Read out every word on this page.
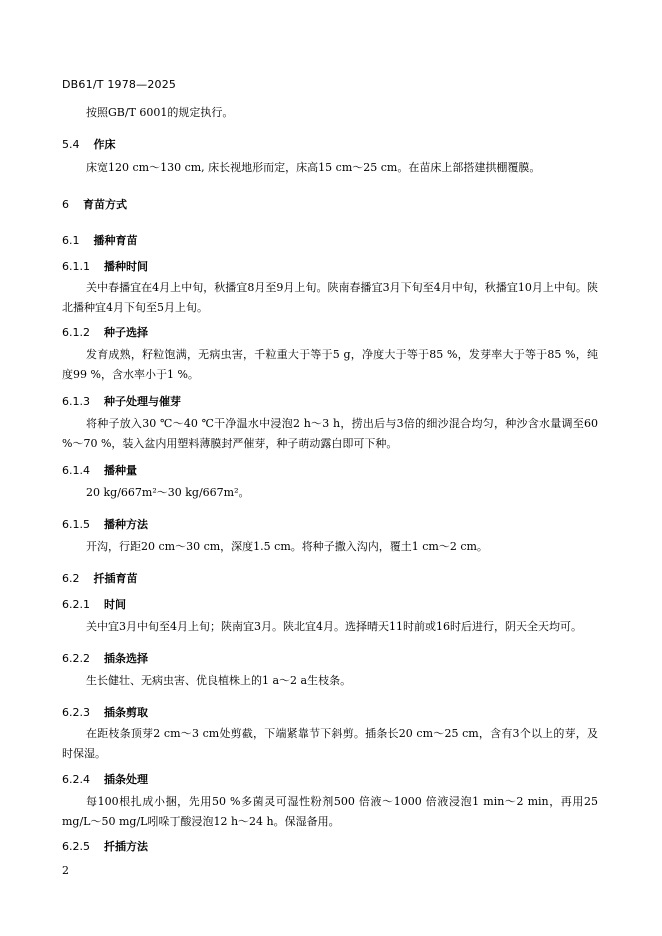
DB61/T 1978—2025
按照GB/T 6001的规定执行。
5.4 作床
床宽120 cm～130 cm, 床长视地形而定，床高15 cm～25 cm。在苗床上部搭建拱棚覆膜。
6 育苗方式
6.1 播种育苗
6.1.1 播种时间
关中春播宜在4月上中旬，秋播宜8月至9月上旬。陕南春播宜3月下旬至4月中旬，秋播宜10月上中旬。陕北播种宜4月下旬至5月上旬。
6.1.2 种子选择
发育成熟，籽粒饱满，无病虫害，千粒重大于等于5 g，净度大于等于85 %，发芽率大于等于85 %，纯度99 %，含水率小于1 %。
6.1.3 种子处理与催芽
将种子放入30 ℃～40 ℃干净温水中浸泡2 h～3 h，捞出后与3倍的细沙混合均匀，种沙含水量调至60 %～70 %，装入盆内用塑料薄膜封严催芽，种子萌动露白即可下种。
6.1.4 播种量
20 kg/667m²～30 kg/667m²。
6.1.5 播种方法
开沟，行距20 cm～30 cm，深度1.5 cm。将种子撒入沟内，覆土1 cm～2 cm。
6.2 扦插育苗
6.2.1 时间
关中宜3月中旬至4月上旬；陕南宜3月。陕北宜4月。选择晴天11时前或16时后进行，阴天全天均可。
6.2.2 插条选择
生长健壮、无病虫害、优良植株上的1 a～2 a生枝条。
6.2.3 插条剪取
在距枝条顶芽2 cm～3 cm处剪截，下端紧靠节下斜剪。插条长20 cm～25 cm，含有3个以上的芽，及时保湿。
6.2.4 插条处理
每100根扎成小捆，先用50 %多菌灵可湿性粉剂500 倍液～1000 倍液浸泡1 min～2 min，再用25 mg/L～50 mg/L吲哚丁酸浸泡12 h～24 h。保湿备用。
6.2.5 扦插方法
2
